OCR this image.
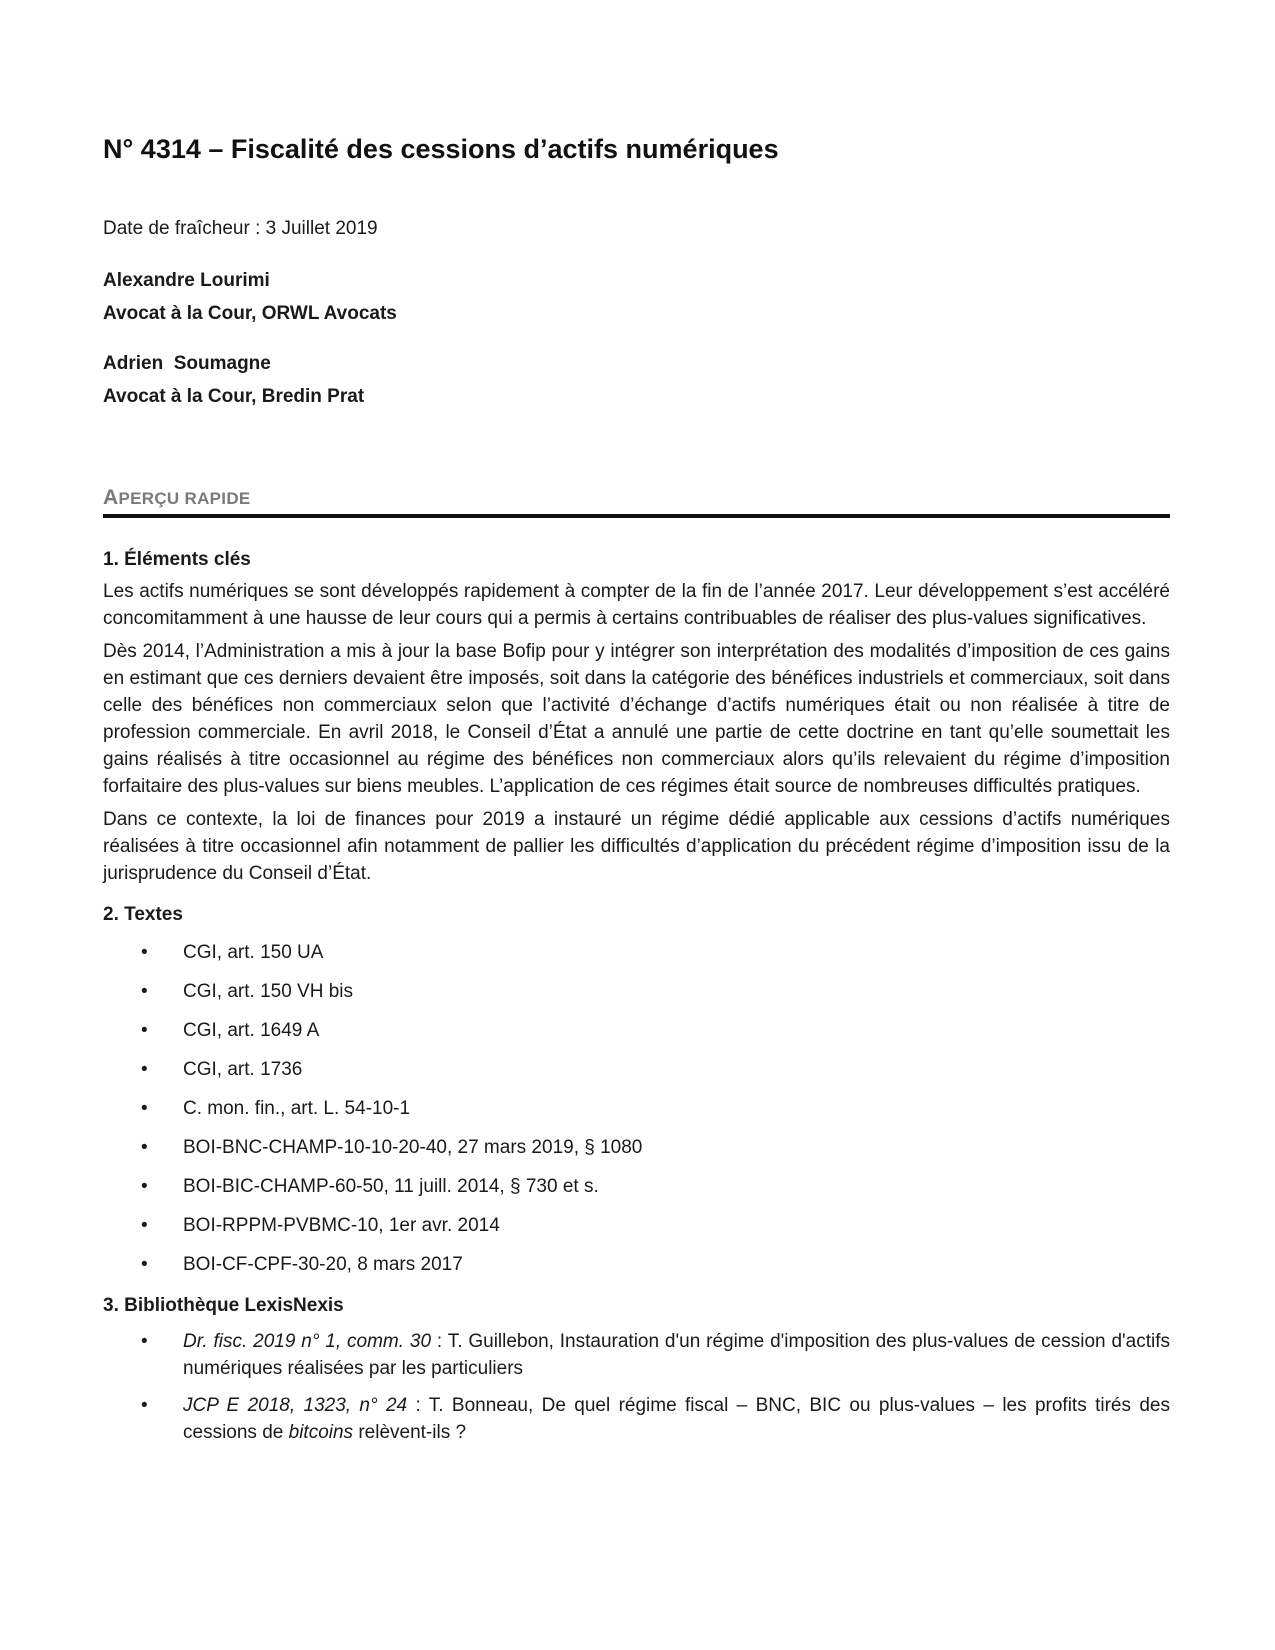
N° 4314 – Fiscalité des cessions d’actifs numériques

Date de fraîcheur : 3 Juillet 2019

Alexandre Lourimi
Avocat à la Cour, ORWL Avocats
Adrien  Soumagne
Avocat à la Cour, Bredin Prat
APERÇU RAPIDE
1. Éléments clés

Les actifs numériques se sont développés rapidement à compter de la fin de l’année 2017. Leur développement s’est accéléré concomitamment à une hausse de leur cours qui a permis à certains contribuables de réaliser des plus-values significatives.

Dès 2014, l’Administration a mis à jour la base Bofip pour y intégrer son interprétation des modalités d’imposition de ces gains en estimant que ces derniers devaient être imposés, soit dans la catégorie des bénéfices industriels et commerciaux, soit dans celle des bénéfices non commerciaux selon que l’activité d’échange d’actifs numériques était ou non réalisée à titre de profession commerciale. En avril 2018, le Conseil d’État a annulé une partie de cette doctrine en tant qu’elle soumettait les gains réalisés à titre occasionnel au régime des bénéfices non commerciaux alors qu’ils relevaient du régime d’imposition forfaitaire des plus-values sur biens meubles. L’application de ces régimes était source de nombreuses difficultés pratiques.

Dans ce contexte, la loi de finances pour 2019 a instauré un régime dédié applicable aux cessions d’actifs numériques réalisées à titre occasionnel afin notamment de pallier les difficultés d’application du précédent régime d’imposition issu de la jurisprudence du Conseil d’État.

2. Textes
• CGI, art. 150 UA
• CGI, art. 150 VH bis
• CGI, art. 1649 A
• CGI, art. 1736
• C. mon. fin., art. L. 54-10-1
• BOI-BNC-CHAMP-10-10-20-40, 27 mars 2019, § 1080
• BOI-BIC-CHAMP-60-50, 11 juill. 2014, § 730 et s.
• BOI-RPPM-PVBMC-10, 1er avr. 2014
• BOI-CF-CPF-30-20, 8 mars 2017
3. Bibliothèque LexisNexis
• Dr. fisc. 2019 n° 1, comm. 30 : T. Guillebon, Instauration d'un régime d'imposition des plus-values de cession d'actifs numériques réalisées par les particuliers
• JCP E 2018, 1323, n° 24 : T. Bonneau, De quel régime fiscal – BNC, BIC ou plus-values – les profits tirés des cessions de bitcoins relèvent-ils ?
